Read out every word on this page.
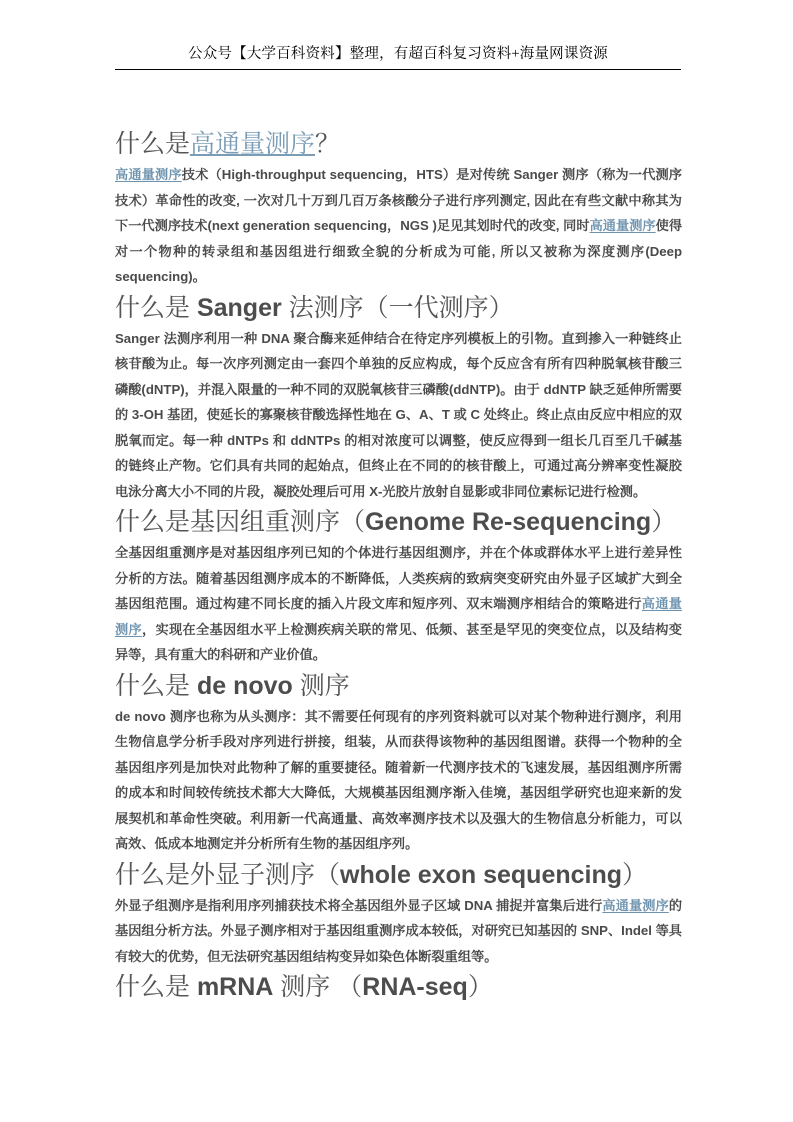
公众号【大学百科资料】整理，有超百科复习资料+海量网课资源
什么是高通量测序？

高通量测序技术（High-throughput sequencing，HTS）是对传统 Sanger 测序（称为一代测序技术）革命性的改变, 一次对几十万到几百万条核酸分子进行序列测定, 因此在有些文献中称其为下一代测序技术(next generation sequencing，NGS )足见其划时代的改变, 同时高通量测序使得对一个物种的转录组和基因组进行细致全貌的分析成为可能, 所以又被称为深度测序(Deep sequencing)。

什么是 Sanger 法测序（一代测序）

Sanger 法测序利用一种 DNA 聚合酶来延伸结合在待定序列模板上的引物。直到掺入一种链终止核苷酸为止。每一次序列测定由一套四个单独的反应构成，每个反应含有所有四种脱氧核苷酸三磷酸(dNTP)，并混入限量的一种不同的双脱氧核苷三磷酸(ddNTP)。由于 ddNTP 缺乏延伸所需要的 3-OH 基团，使延长的寡聚核苷酸选择性地在 G、A、T 或 C 处终止。终止点由反应中相应的双脱氧而定。每一种 dNTPs 和 ddNTPs 的相对浓度可以调整，使反应得到一组长几百至几千碱基的链终止产物。它们具有共同的起始点，但终止在不同的的核苷酸上，可通过高分辨率变性凝胶电泳分离大小不同的片段，凝胶处理后可用 X-光胶片放射自显影或非同位素标记进行检测。

什么是基因组重测序（Genome Re-sequencing）

全基因组重测序是对基因组序列已知的个体进行基因组测序，并在个体或群体水平上进行差异性分析的方法。随着基因组测序成本的不断降低，人类疾病的致病突变研究由外显子区域扩大到全基因组范围。通过构建不同长度的插入片段文库和短序列、双末端测序相结合的策略进行高通量测序，实现在全基因组水平上检测疾病关联的常见、低频、甚至是罕见的突变位点，以及结构变异等，具有重大的科研和产业价值。

什么是 de novo 测序

de novo 测序也称为从头测序：其不需要任何现有的序列资料就可以对某个物种进行测序，利用生物信息学分析手段对序列进行拼接，组装，从而获得该物种的基因组图谱。获得一个物种的全基因组序列是加快对此物种了解的重要捷径。随着新一代测序技术的飞速发展，基因组测序所需的成本和时间较传统技术都大大降低，大规模基因组测序渐入佳境，基因组学研究也迎来新的发展契机和革命性突破。利用新一代高通量、高效率测序技术以及强大的生物信息分析能力，可以高效、低成本地测定并分析所有生物的基因组序列。

什么是外显子测序（whole exon sequencing）

外显子组测序是指利用序列捕获技术将全基因组外显子区域 DNA 捕捉并富集后进行高通量测序的基因组分析方法。外显子测序相对于基因组重测序成本较低，对研究已知基因的 SNP、Indel 等具有较大的优势，但无法研究基因组结构变异如染色体断裂重组等。

什么是 mRNA 测序 （RNA-seq）
